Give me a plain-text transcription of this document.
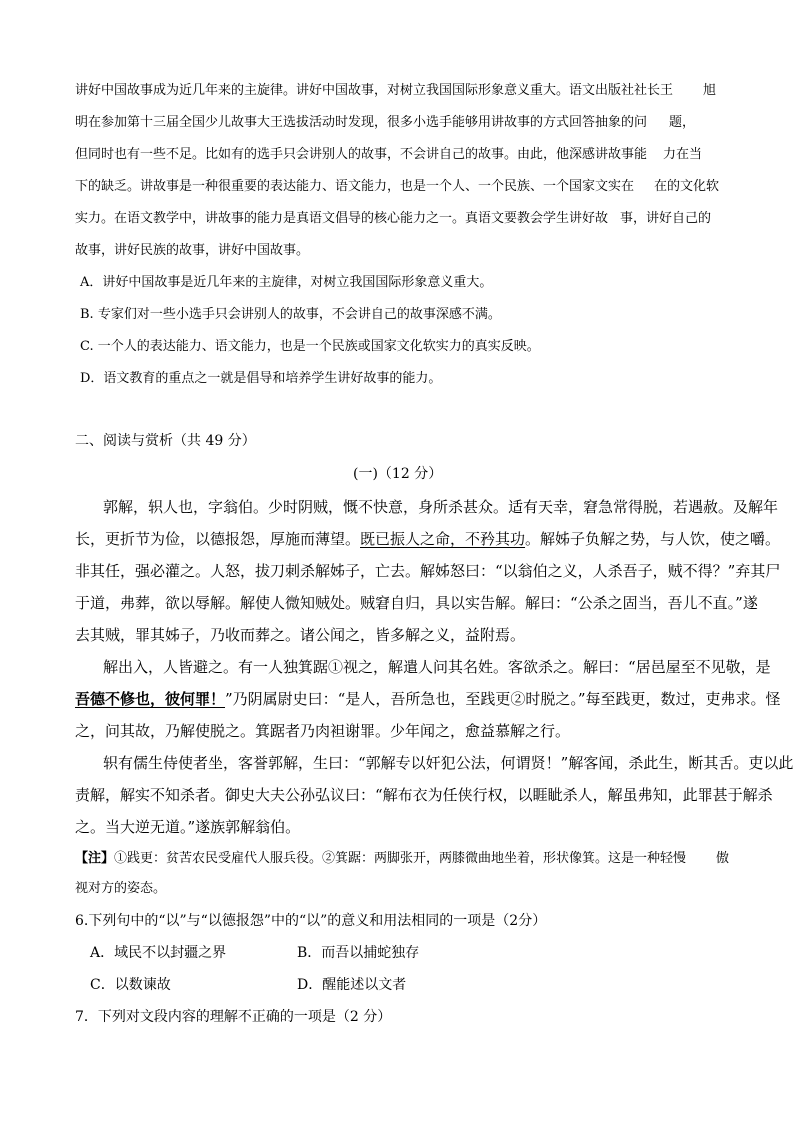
讲好中国故事成为近几年来的主旋律。讲好中国故事，对树立我国国际形象意义重大。语文出版社社长王 旭
明在参加第十三届全国少儿故事大王选拔活动时发现，很多小选手能够用讲故事的方式回答抽象的问 题，
但同时也有一些不足。比如有的选手只会讲别人的故事，不会讲自己的故事。由此，他深感讲故事能 力在当
下的缺乏。讲故事是一种很重要的表达能力、语文能力，也是一个人、一个民族、一个国家文实在 在的文化软
实力。在语文教学中，讲故事的能力是真语文倡导的核心能力之一。真语文要教会学生讲好故 事，讲好自己的
故事，讲好民族的故事，讲好中国故事。
A．讲好中国故事是近几年来的主旋律，对树立我国国际形象意义重大。
B. 专家们对一些小选手只会讲别人的故事，不会讲自己的故事深感不满。
C. 一个人的表达能力、语文能力，也是一个民族或国家文化软实力的真实反映。
D．语文教育的重点之一就是倡导和培养学生讲好故事的能力。
二、阅读与赏析（共 49 分）
(一)（12 分）
郭解，轵人也，字翁伯。少时阴贼，慨不快意，身所杀甚众。适有天幸，窘急常得脱，若遇赦。及解年
长，更折节为俭，以德报怨，厚施而薄望。既已振人之命，不矜其功。解姊子负解之势，与人饮，使之嚼。
非其任，强必灌之。人怒，拔刀刺杀解姊子，亡去。解姊怒曰：“以翁伯之义，人杀吾子，贼不得？”弃其尸
于道，弗葬，欲以辱解。解使人微知贼处。贼窘自归，具以实告解。解曰：“公杀之固当，吾儿不直。”遂
去其贼，罪其姊子，乃收而葬之。诸公闻之，皆多解之义，益附焉。
解出入，人皆避之。有一人独箕踞①视之，解遣人问其名姓。客欲杀之。解曰：“居邑屋至不见敬，是
吾德不修也，彼何罪！”乃阴属尉史曰：“是人，吾所急也，至践更②时脱之。”每至践更，数过，吏弗求。怪
之，问其故，乃解使脱之。箕踞者乃肉袒谢罪。少年闻之，愈益慕解之行。
轵有儒生侍使者坐，客誉郭解，生曰：“郭解专以奸犯公法，何谓贤！”解客闻，杀此生，断其舌。吏以此
责解，解实不知杀者。御史大夫公孙弘议曰：“解布衣为任侠行权，以睚眦杀人，解虽弗知，此罪甚于解杀
之。当大逆无道。”遂族郭解翁伯。
【注】①践更：贫苦农民受雇代人服兵役。②箕踞：两脚张开，两膝微曲地坐着，形状像箕。这是一种轻慢 傲
视对方的姿态。
6.下列句中的“以”与“以德报怨”中的“以”的意义和用法相同的一项是（2分）
A．域民不以封疆之界	B．而吾以捕蛇独存
C．以数谏故	D．醒能述以文者
7．下列对文段内容的理解不正确的一项是（2 分）
